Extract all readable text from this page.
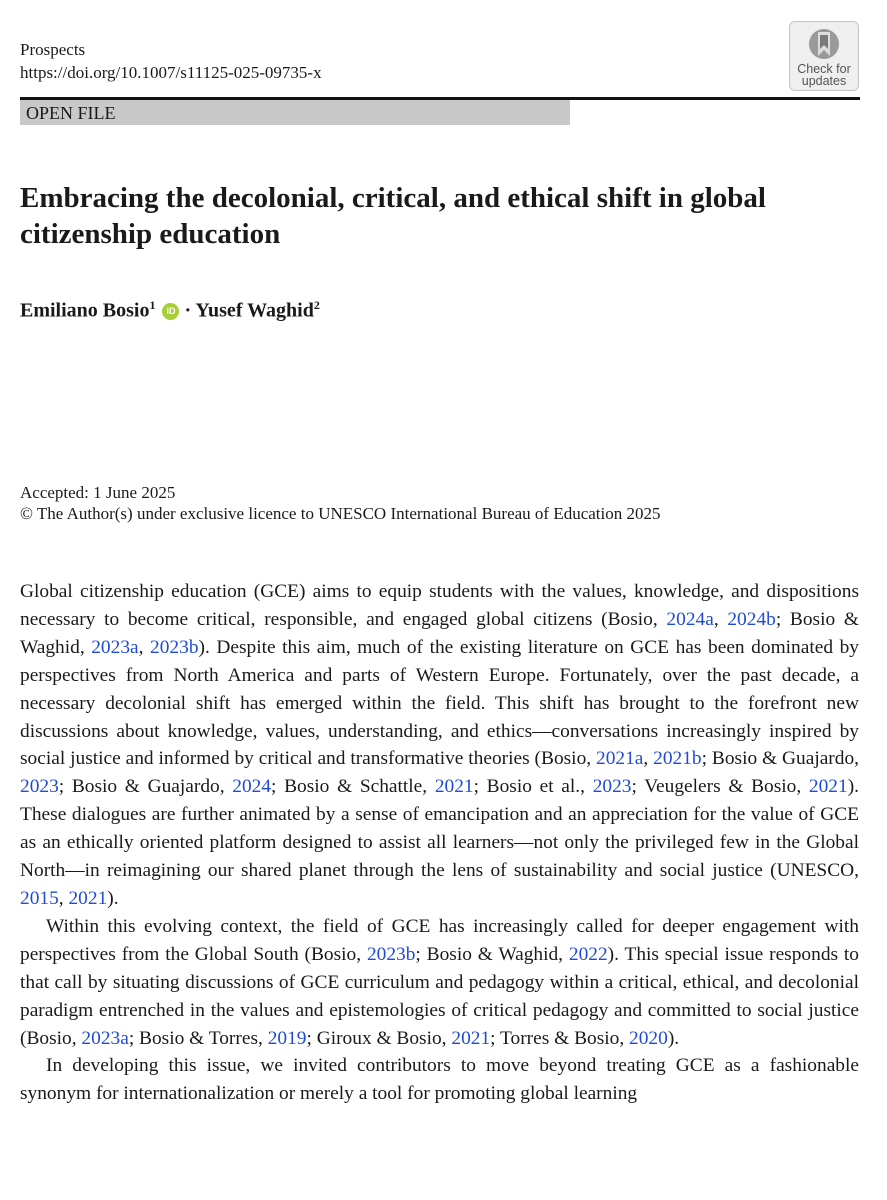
Prospects
https://doi.org/10.1007/s11125-025-09735-x	Check for
updates
OPEN FILE
Embracing the decolonial, critical, and ethical shift in global citizenship education
Emiliano Bosio$^1$ iD · Yusef Waghid$^2$
Accepted: 1 June 2025
© The Author(s) under exclusive licence to UNESCO International Bureau of Education 2025

Global citizenship education (GCE) aims to equip students with the values, knowledge, and dispositions necessary to become critical, responsible, and engaged global citizens (Bosio, 2024a, 2024b; Bosio & Waghid, 2023a, 2023b). Despite this aim, much of the existing literature on GCE has been dominated by perspectives from North America and parts of Western Europe. Fortunately, over the past decade, a necessary decolonial shift has emerged within the field. This shift has brought to the forefront new discussions about knowledge, values, understanding, and ethics—conversations increasingly inspired by social justice and informed by critical and transformative theories (Bosio, 2021a, 2021b; Bosio & Guajardo, 2023; Bosio & Guajardo, 2024; Bosio & Schattle, 2021; Bosio et al., 2023; Veugelers & Bosio, 2021). These dialogues are further animated by a sense of emancipation and an appreciation for the value of GCE as an ethically oriented platform designed to assist all learners—not only the privileged few in the Global North—in reimagining our shared planet through the lens of sustainability and social justice (UNESCO, 2015, 2021).

Within this evolving context, the field of GCE has increasingly called for deeper engagement with perspectives from the Global South (Bosio, 2023b; Bosio & Waghid, 2022). This special issue responds to that call by situating discussions of GCE curriculum and pedagogy within a critical, ethical, and decolonial paradigm entrenched in the values and epistemologies of critical pedagogy and committed to social justice (Bosio, 2023a; Bosio & Torres, 2019; Giroux & Bosio, 2021; Torres & Bosio, 2020).

In developing this issue, we invited contributors to move beyond treating GCE as a fashionable synonym for internationalization or merely a tool for promoting global learning
